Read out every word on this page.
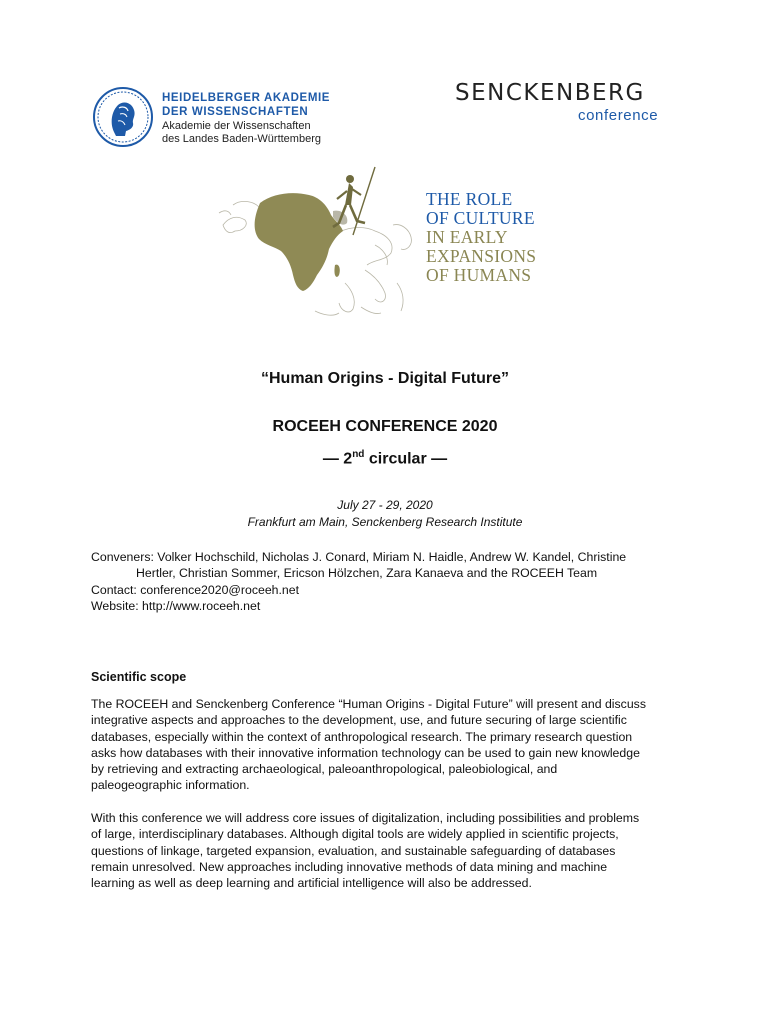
HEIDELBERGER AKADEMIE
DER WISSENSCHAFTEN
Akademie der Wissenschaften
des Landes Baden-Württemberg
SENCKENBERG
conference
THE ROLE
OF CULTURE
IN EARLY
EXPANSIONS
OF HUMANS
“Human Origins - Digital Future”
ROCEEH CONFERENCE 2020
— 2nd circular —
July 27 - 29, 2020
Frankfurt am Main, Senckenberg Research Institute
Conveners: Volker Hochschild, Nicholas J. Conard, Miriam N. Haidle, Andrew W. Kandel, Christine
Hertler, Christian Sommer, Ericson Hölzchen, Zara Kanaeva and the ROCEEH Team
Contact: conference2020@roceeh.net
Website: http://www.roceeh.net
Scientific scope
The ROCEEH and Senckenberg Conference “Human Origins - Digital Future” will present and discuss
integrative aspects and approaches to the development, use, and future securing of large scientific
databases, especially within the context of anthropological research. The primary research question
asks how databases with their innovative information technology can be used to gain new knowledge
by retrieving and extracting archaeological, paleoanthropological, paleobiological, and
paleogeographic information.
With this conference we will address core issues of digitalization, including possibilities and problems
of large, interdisciplinary databases. Although digital tools are widely applied in scientific projects,
questions of linkage, targeted expansion, evaluation, and sustainable safeguarding of databases
remain unresolved. New approaches including innovative methods of data mining and machine
learning as well as deep learning and artificial intelligence will also be addressed.
